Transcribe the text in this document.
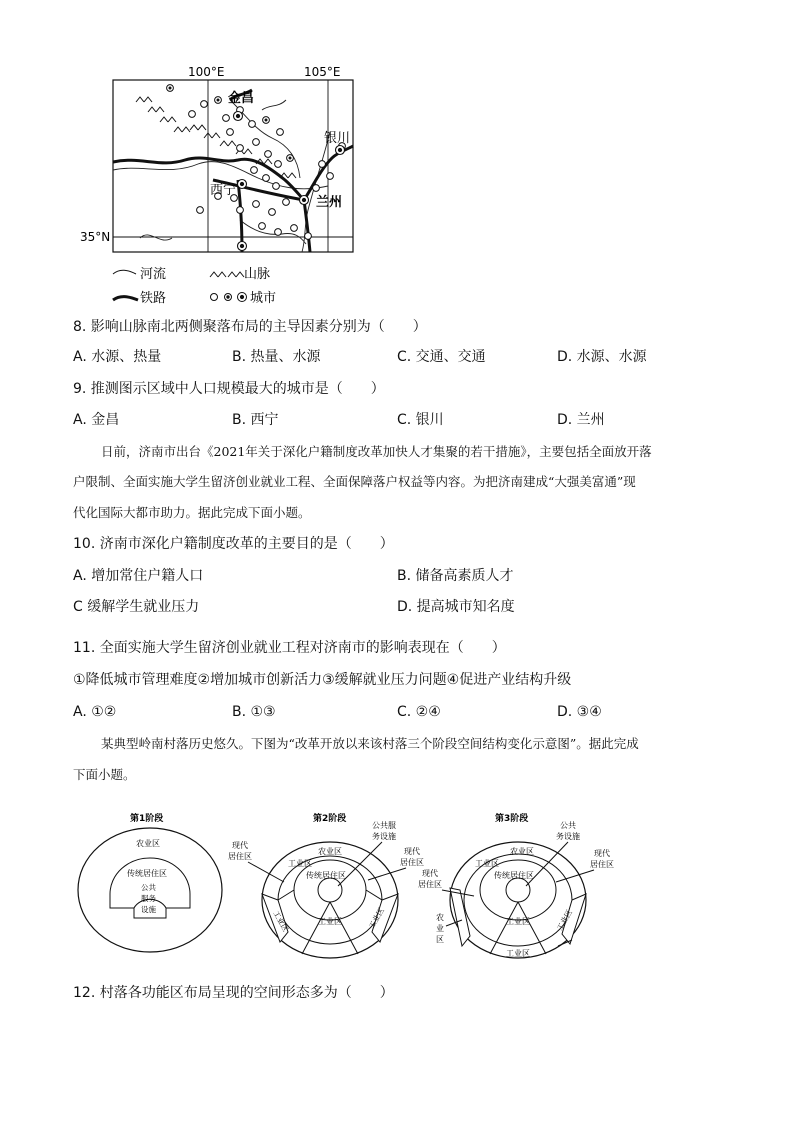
100°E	105°E
35°N
金昌
银川
西宁
兰州
河流	山脉
铁路	城市
8. 影响山脉南北两侧聚落布局的主导因素分别为（　　）
A. 水源、热量	B. 热量、水源	C. 交通、交通	D. 水源、水源
9. 推测图示区域中人口规模最大的城市是（　　）
A. 金昌	B. 西宁	C. 银川	D. 兰州
日前，济南市出台《2021年关于深化户籍制度改革加快人才集聚的若干措施》，主要包括全面放开落
户限制、全面实施大学生留济创业就业工程、全面保障落户权益等内容。为把济南建成“大强美富通”现
代化国际大都市助力。据此完成下面小题。
10. 济南市深化户籍制度改革的主要目的是（　　）
A. 增加常住户籍人口	B. 储备高素质人才
C 缓解学生就业压力	D. 提高城市知名度
11. 全面实施大学生留济创业就业工程对济南市的影响表现在（　　）
①降低城市管理难度②增加城市创新活力③缓解就业压力问题④促进产业结构升级
A. ①②	B. ①③	C. ②④	D. ③④
某典型岭南村落历史悠久。下图为“改革开放以来该村落三个阶段空间结构变化示意图”。据此完成
下面小题。
第1阶段
农业区
传统居住区
公共
服务
设施
第2阶段
农业区
工业区
传统居住区
工业区
工业区	工业区
现代
居住区
公共服
务设施
现代
居住区
第3阶段
农业区
工业区
传统居住区
工业区
工业区
工业区
公共
务设施
现代
居住区
现代
居住区
农
业
区
12. 村落各功能区布局呈现的空间形态多为（　　）
